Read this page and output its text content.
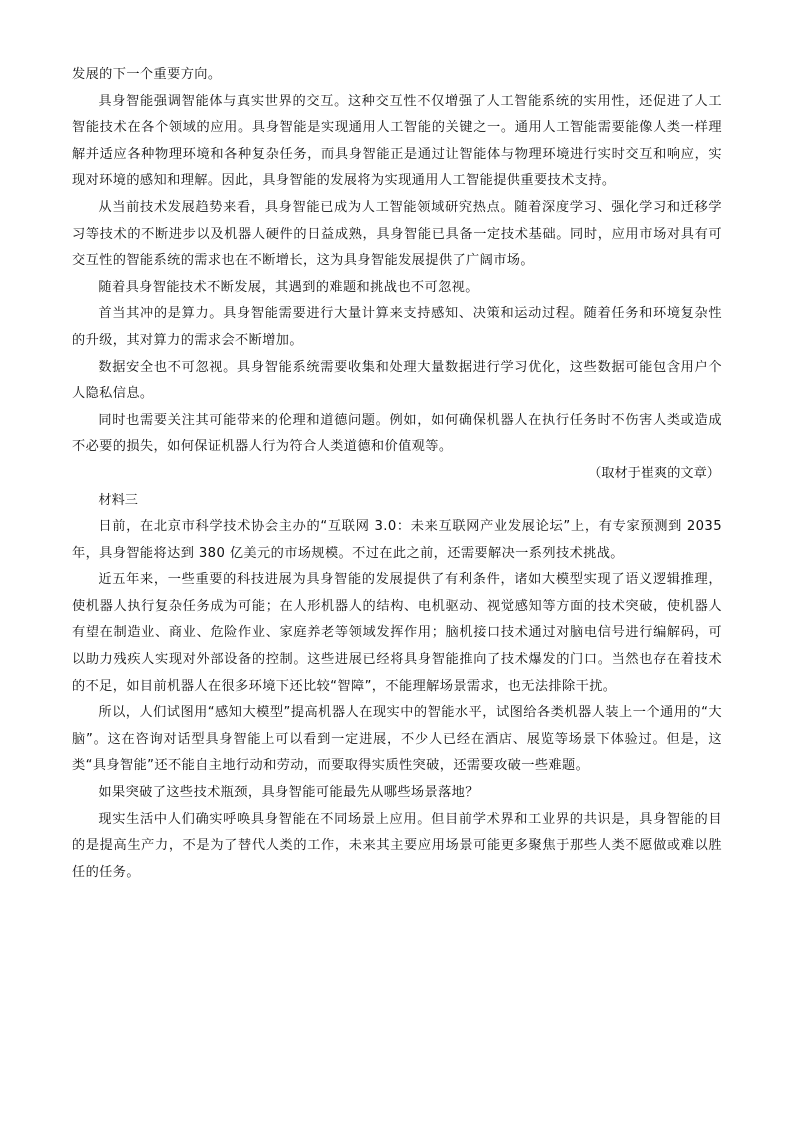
发展的下一个重要方向。

具身智能强调智能体与真实世界的交互。这种交互性不仅增强了人工智能系统的实用性，还促进了人工智能技术在各个领域的应用。具身智能是实现通用人工智能的关键之一。通用人工智能需要能像人类一样理解并适应各种物理环境和各种复杂任务，而具身智能正是通过让智能体与物理环境进行实时交互和响应，实现对环境的感知和理解。因此，具身智能的发展将为实现通用人工智能提供重要技术支持。

从当前技术发展趋势来看，具身智能已成为人工智能领域研究热点。随着深度学习、强化学习和迁移学习等技术的不断进步以及机器人硬件的日益成熟，具身智能已具备一定技术基础。同时，应用市场对具有可交互性的智能系统的需求也在不断增长，这为具身智能发展提供了广阔市场。

随着具身智能技术不断发展，其遇到的难题和挑战也不可忽视。

首当其冲的是算力。具身智能需要进行大量计算来支持感知、决策和运动过程。随着任务和环境复杂性的升级，其对算力的需求会不断增加。

数据安全也不可忽视。具身智能系统需要收集和处理大量数据进行学习优化，这些数据可能包含用户个人隐私信息。

同时也需要关注其可能带来的伦理和道德问题。例如，如何确保机器人在执行任务时不伤害人类或造成不必要的损失，如何保证机器人行为符合人类道德和价值观等。

（取材于崔爽的文章）

材料三

日前，在北京市科学技术协会主办的“互联网 3.0：未来互联网产业发展论坛”上，有专家预测到 2035 年，具身智能将达到 380 亿美元的市场规模。不过在此之前，还需要解决一系列技术挑战。

近五年来，一些重要的科技进展为具身智能的发展提供了有利条件，诸如大模型实现了语义逻辑推理，使机器人执行复杂任务成为可能；在人形机器人的结构、电机驱动、视觉感知等方面的技术突破，使机器人有望在制造业、商业、危险作业、家庭养老等领域发挥作用；脑机接口技术通过对脑电信号进行编解码，可以助力残疾人实现对外部设备的控制。这些进展已经将具身智能推向了技术爆发的门口。当然也存在着技术的不足，如目前机器人在很多环境下还比较“智障”，不能理解场景需求，也无法排除干扰。

所以，人们试图用“感知大模型”提高机器人在现实中的智能水平，试图给各类机器人装上一个通用的“大脑”。这在咨询对话型具身智能上可以看到一定进展，不少人已经在酒店、展览等场景下体验过。但是，这类“具身智能”还不能自主地行动和劳动，而要取得实质性突破，还需要攻破一些难题。

如果突破了这些技术瓶颈，具身智能可能最先从哪些场景落地？

现实生活中人们确实呼唤具身智能在不同场景上应用。但目前学术界和工业界的共识是，具身智能的目的是提高生产力，不是为了替代人类的工作，未来其主要应用场景可能更多聚焦于那些人类不愿做或难以胜任的任务。
